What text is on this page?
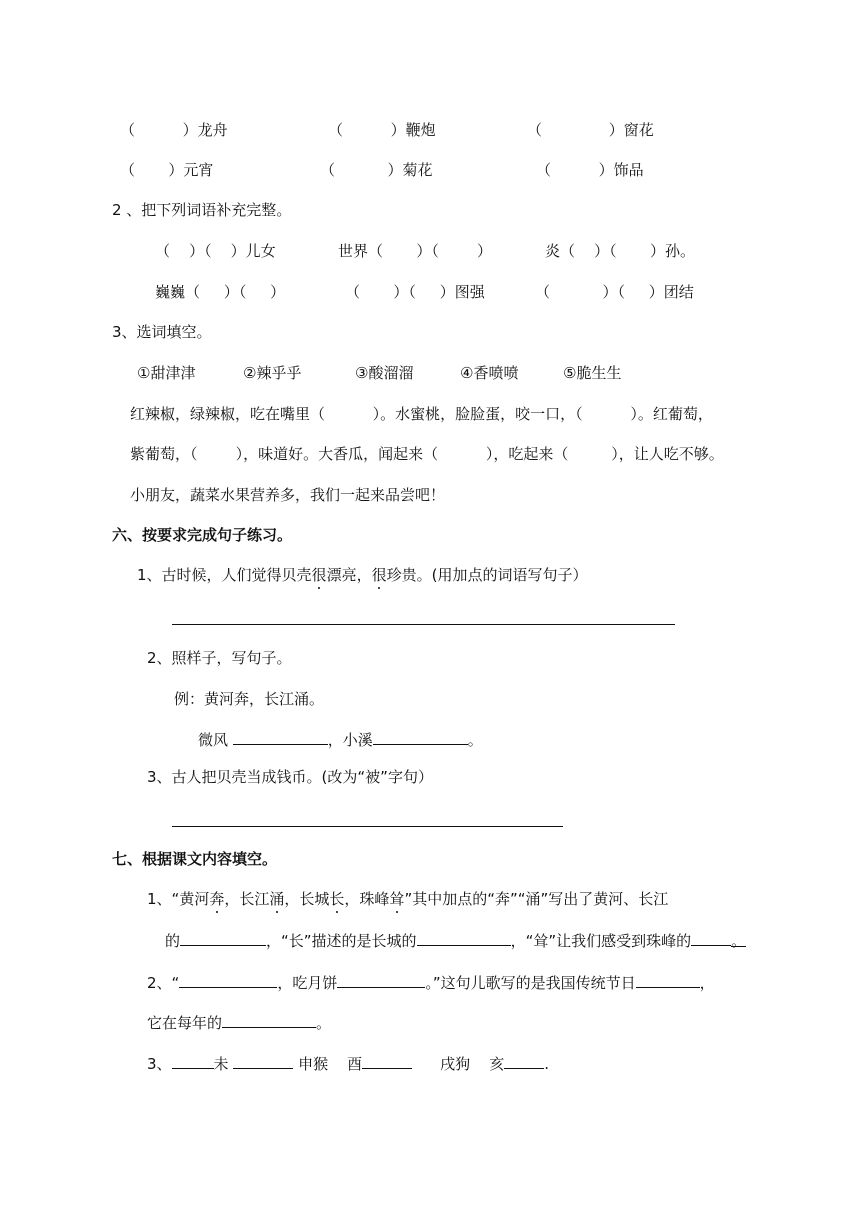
（          ）龙舟	（          ）鞭炮	（              ）窗花
（       ）元宵	（           ）菊花	（          ）饰品
2 、把下列词语补充完整。
（    ）（    ）儿女	世界（       ）（        ）	炎（    ）（       ）孙。
巍巍（     ）（     ）	（       ）（     ）图强	（           ）（     ）团结
3、选词填空。
①甜津津	②辣乎乎	③酸溜溜	④香喷喷	⑤脆生生
红辣椒，绿辣椒，吃在嘴里（          ）。水蜜桃，脸脸蛋，咬一口，（          ）。红葡萄，
紫葡萄，（        ），味道好。大香瓜，闻起来（          ），吃起来（         ），让人吃不够。
小朋友，蔬菜水果营养多，我们一起来品尝吧！
六、按要求完成句子练习。
1、古时候，人们觉得贝壳很漂亮，很珍贵。(用加点的词语写句子）
2、照样子，写句子。
例：黄河奔，长江涌。
微风	，小溪	。
3、古人把贝壳当成钱币。(改为“被”字句）
七、根据课文内容填空。
1、“黄河奔，长江涌，长城长，珠峰耸”其中加点的“奔”“涌”写出了黄河、长江
的	，“长”描述的是长城的	，“耸”让我们感受到珠峰的	。
2、“	，吃月饼	。”这句儿歌写的是我国传统节日	，
它在每年的	。
3、	未	申猴    酉	戌狗    亥	.
